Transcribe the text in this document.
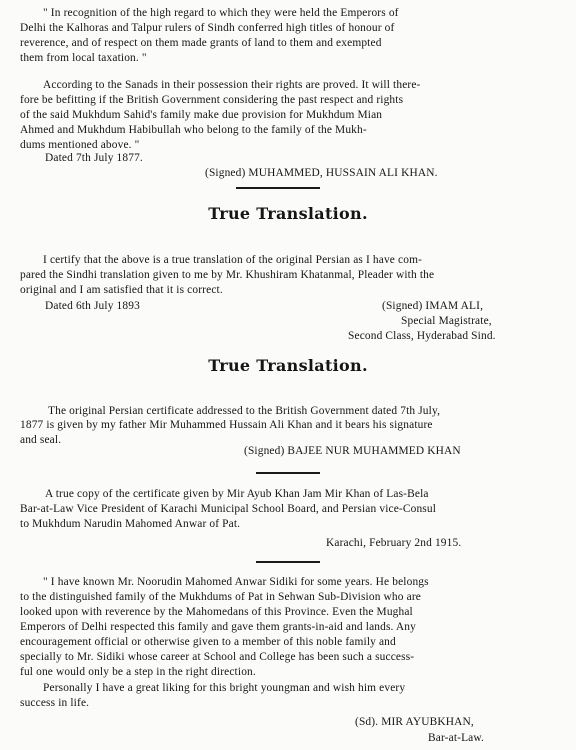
" In recognition of the high regard to which they were held the Emperors of
Delhi the Kalhoras and Talpur rulers of Sindh conferred high titles of honour of
reverence, and of respect on them made grants of land to them and exempted
them from local taxation. "
According to the Sanads in their possession their rights are proved. It will there-
fore be befitting if the British Government considering the past respect and rights
of the said Mukhdum Sahid's family make due provision for Mukhdum Mian
Ahmed and Mukhdum Habibullah who belong to the family of the Mukh-
dums mentioned above. "
Dated 7th July 1877.
(Signed) MUHAMMED, HUSSAIN ALI KHAN.
True Translation.
I certify that the above is a true translation of the original Persian as I have com-
pared the Sindhi translation given to me by Mr. Khushiram Khatanmal, Pleader with the
original and I am satisfied that it is correct.
Dated 6th July 1893	(Signed) IMAM ALI,
Special Magistrate,
Second Class, Hyderabad Sind.
True Translation.
The original Persian certificate addressed to the British Government dated 7th July,
1877 is given by my father Mir Muhammed Hussain Ali Khan and it bears his signature
and seal.
(Signed) BAJEE NUR MUHAMMED KHAN
A true copy of the certificate given by Mir Ayub Khan Jam Mir Khan of Las-Bela
Bar-at-Law Vice President of Karachi Municipal School Board, and Persian vice-Consul
to Mukhdum Narudin Mahomed Anwar of Pat.
Karachi, February 2nd 1915.
" I have known Mr. Noorudin Mahomed Anwar Sidiki for some years. He belongs
to the distinguished family of the Mukhdums of Pat in Sehwan Sub-Division who are
looked upon with reverence by the Mahomedans of this Province. Even the Mughal
Emperors of Delhi respected this family and gave them grants-in-aid and lands. Any
encouragement official or otherwise given to a member of this noble family and
specially to Mr. Sidiki whose career at School and College has been such a success-
ful one would only be a step in the right direction.
Personally I have a great liking for this bright youngman and wish him every
success in life.
(Sd). MIR AYUBKHAN,
Bar-at-Law.
